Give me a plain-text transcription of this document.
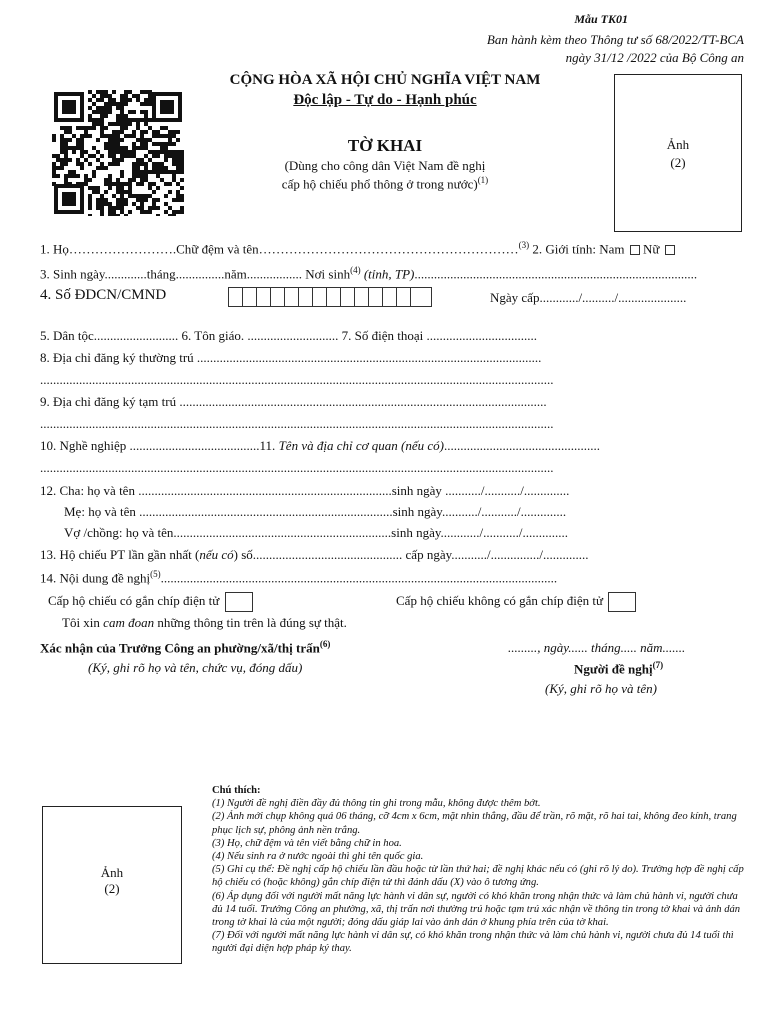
Mẫu TK01
Ban hành kèm theo Thông tư số 68/2022/TT-BCA
ngày 31/12 /2022 của Bộ Công an
CỘNG HÒA XÃ HỘI CHỦ NGHĨA VIỆT NAM
Độc lập - Tự do - Hạnh phúc
TỜ KHAI
(Dùng cho công dân Việt Nam đề nghị
cấp hộ chiếu phổ thông ở trong nước)$^{(1)}$
Ảnh
(2)
1. Họ…………………….Chữ đệm và tên……………………………………………………$^{(3)}$ 2. Giới tính: Nam Nữ
3. Sinh ngày.............tháng...............năm................. Nơi $\sinh^{(4)}$ (tỉnh, TP).......................................................................................
4. Số ĐDCN/CMND	Ngày cấp............/........../.....................
5. Dân tộc.......................... 6. Tôn giáo. ............................ 7. Số điện thoại ..................................
8. Địa chỉ đăng ký thường trú ..........................................................................................................
..............................................................................................................................................................
9. Địa chỉ đăng ký tạm trú .................................................................................................................
..............................................................................................................................................................
10. Nghề nghiệp ........................................11. Tên và địa chỉ cơ quan (nếu có)................................................
..............................................................................................................................................................
12. Cha: họ và tên ..............................................................................sinh ngày .........../.........../..............
Mẹ: họ và tên ..............................................................................sinh ngày.........../.........../..............
Vợ /chồng: họ và tên...................................................................sinh ngày............/.........../..............
13. Hộ chiếu PT lần gần nhất (nếu có) số.............................................. cấp ngày.........../.............../..............
14. Nội dung đề nghị$^{(5)}$..........................................................................................................................
Cấp hộ chiếu có gắn chíp điện tử	Cấp hộ chiếu không có gắn chíp điện tử
Tôi xin cam đoan những thông tin trên là đúng sự thật.
Xác nhận của Trưởng Công an phường/xã/thị trấn$^{(6)}$
(Ký, ghi rõ họ và tên, chức vụ, đóng dấu)
........., ngày...... tháng..... năm.......
Người đề nghị$^{(7)}$
(Ký, ghi rõ họ và tên)
Ảnh
(2)

Chú thích:

(1) Người đề nghị điền đầy đủ thông tin ghi trong mẫu, không được thêm bớt.

(2) Ảnh mới chụp không quá 06 tháng, cỡ 4cm x 6cm, mặt nhìn thẳng, đầu để trần, rõ mặt, rõ hai tai, không đeo kính, trang phục lịch sự, phông ảnh nền trắng.

(3) Họ, chữ đệm và tên viết bằng chữ in hoa.

(4) Nếu sinh ra ở nước ngoài thì ghi tên quốc gia.

(5) Ghi cụ thể: Đề nghị cấp hộ chiếu lần đầu hoặc từ lần thứ hai; đề nghị khác nếu có (ghi rõ lý do). Trường hợp đề nghị cấp hộ chiếu có (hoặc không) gắn chíp điện tử thì đánh dấu (X) vào ô tương ứng.

(6) Áp dụng đối với người mất năng lực hành vi dân sự, người có khó khăn trong nhận thức và làm chủ hành vi, người chưa đủ 14 tuổi. Trưởng Công an phường, xã, thị trấn nơi thường trú hoặc tạm trú xác nhận về thông tin trong tờ khai và ảnh dán trong tờ khai là của một người; đóng dấu giáp lai vào ảnh dán ở khung phía trên của tờ khai.

(7) Đối với người mất năng lực hành vi dân sự, có khó khăn trong nhận thức và làm chủ hành vi, người chưa đủ 14 tuổi thì người đại diện hợp pháp ký thay.
